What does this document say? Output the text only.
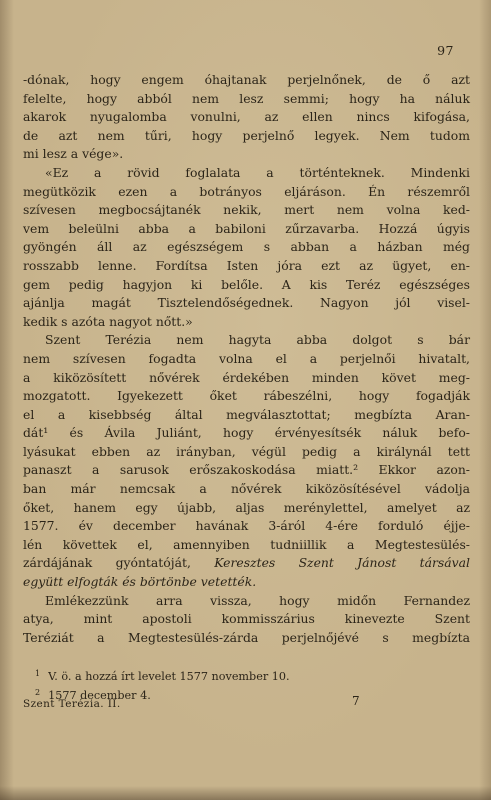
97
-dónak, hogy engem óhajtanak perjelnőnek, de ő azt
felelte, hogy abból nem lesz semmi; hogy ha náluk
akarok nyugalomba vonulni, az ellen nincs kifogása,
de azt nem tűri, hogy perjelnő legyek. Nem tudom
mi lesz a vége».
«Ez a rövid foglalata a történteknek. Mindenki
megütközik ezen a botrányos eljáráson. Én részemről
szívesen megbocsájtanék nekik, mert nem volna ked-
vem beleülni abba a babiloni zűrzavarba. Hozzá úgyis
gyöngén áll az egészségem s abban a házban még
rosszabb lenne. Fordítsa Isten jóra ezt az ügyet, en-
gem pedig hagyjon ki belőle. A kis Teréz egészséges
ajánlja magát Tisztelendőségednek. Nagyon jól visel-
kedik s azóta nagyot nőtt.»
Szent Terézia nem hagyta abba dolgot s bár
nem szívesen fogadta volna el a perjelnői hivatalt,
a kiközösített nővérek érdekében minden követ meg-
mozgatott. Igyekezett őket rábeszélni, hogy fogadják
el a kisebbség által megválasztottat; megbízta Aran-
dát¹ és Ávila Juliánt, hogy érvényesítsék náluk befo-
lyásukat ebben az irányban, végül pedig a királynál tett
panaszt a sarusok erőszakoskodása miatt.² Ekkor azon-
ban már nemcsak a nővérek kiközösítésével vádolja
őket, hanem egy újabb, aljas merénylettel, amelyet az
1577. év december havának 3-áról 4-ére forduló éjje-
lén követtek el, amennyiben tudniillik a Megtestesülés-
zárdájának gyóntatóját, Keresztes Szent Jánost társával
együtt elfogták és börtönbe vetették.
Emlékezzünk arra vissza, hogy midőn Fernandez
atya, mint apostoli kommisszárius kinevezte Szent
Teréziát a Megtestesülés-zárda perjelnőjévé s megbízta
$^1$ V. ö. a hozzá írt levelet 1577 november 10.
$^2$ 1577 december 4.
Szent Terézia. II.	7
